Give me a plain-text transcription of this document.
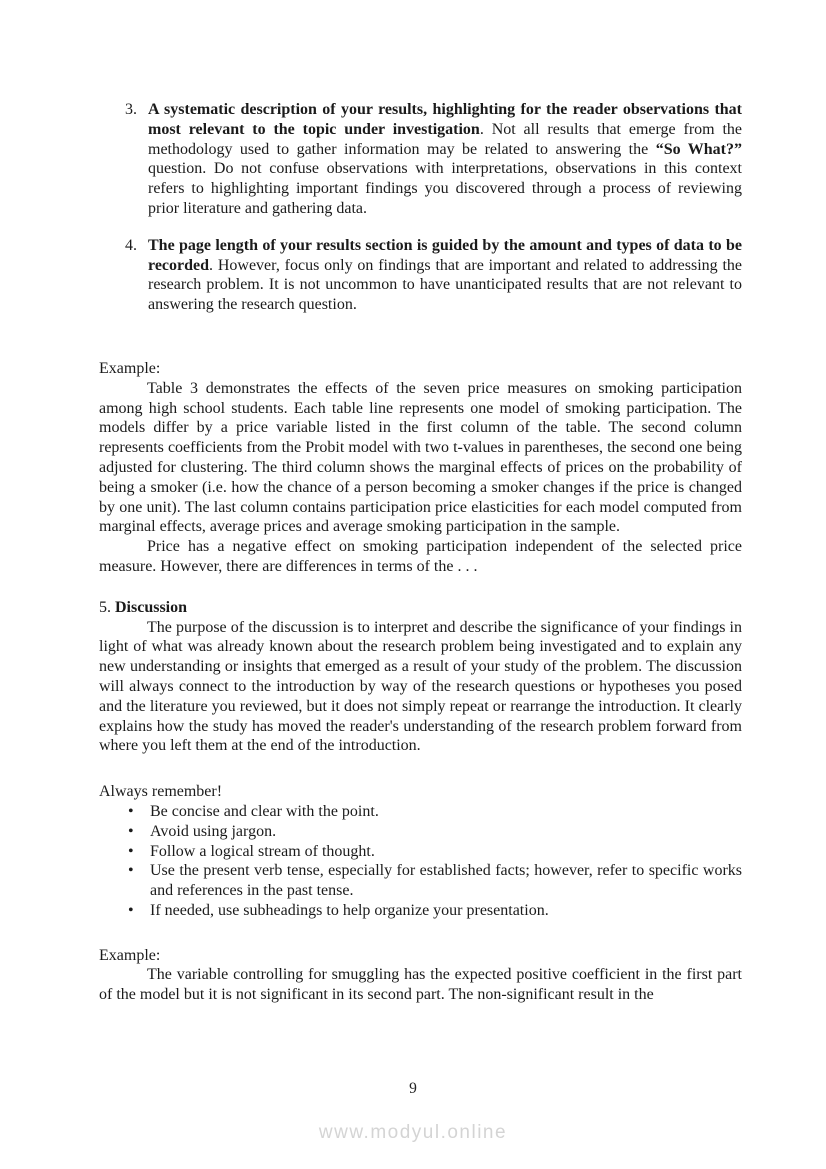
3. A systematic description of your results, highlighting for the reader observations that most relevant to the topic under investigation. Not all results that emerge from the methodology used to gather information may be related to answering the “So What?” question. Do not confuse observations with interpretations, observations in this context refers to highlighting important findings you discovered through a process of reviewing prior literature and gathering data.

4. The page length of your results section is guided by the amount and types of data to be recorded. However, focus only on findings that are important and related to addressing the research problem. It is not uncommon to have unanticipated results that are not relevant to answering the research question.

Example:

Table 3 demonstrates the effects of the seven price measures on smoking participation among high school students. Each table line represents one model of smoking participation. The models differ by a price variable listed in the first column of the table. The second column represents coefficients from the Probit model with two t-values in parentheses, the second one being adjusted for clustering. The third column shows the marginal effects of prices on the probability of being a smoker (i.e. how the chance of a person becoming a smoker changes if the price is changed by one unit). The last column contains participation price elasticities for each model computed from marginal effects, average prices and average smoking participation in the sample.

Price has a negative effect on smoking participation independent of the selected price measure. However, there are differences in terms of the . . .

5. Discussion

The purpose of the discussion is to interpret and describe the significance of your findings in light of what was already known about the research problem being investigated and to explain any new understanding or insights that emerged as a result of your study of the problem. The discussion will always connect to the introduction by way of the research questions or hypotheses you posed and the literature you reviewed, but it does not simply repeat or rearrange the introduction. It clearly explains how the study has moved the reader's understanding of the research problem forward from where you left them at the end of the introduction.

Always remember!

• Be concise and clear with the point.
• Avoid using jargon.
• Follow a logical stream of thought.
• Use the present verb tense, especially for established facts; however, refer to specific works and references in the past tense.
• If needed, use subheadings to help organize your presentation.

Example:

The variable controlling for smuggling has the expected positive coefficient in the first part of the model but it is not significant in its second part. The non-significant result in the

9
www.modyul.online
